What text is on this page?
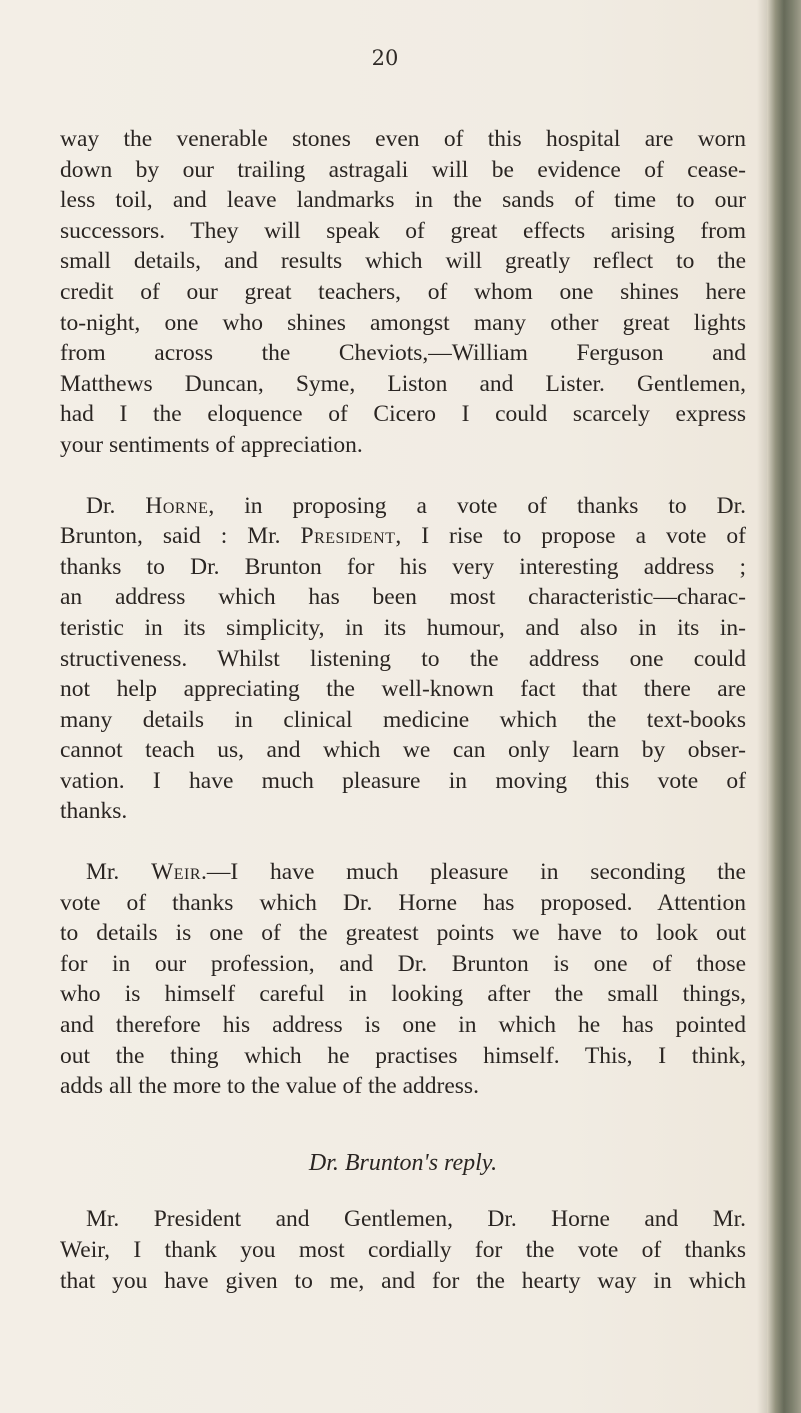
20
way the venerable stones even of this hospital are worn
down by our trailing astragali will be evidence of cease-
less toil, and leave landmarks in the sands of time to our
successors. They will speak of great effects arising from
small details, and results which will greatly reflect to the
credit of our great teachers, of whom one shines here
to-night, one who shines amongst many other great lights
from across the Cheviots,—William Ferguson and
Matthews Duncan, Syme, Liston and Lister. Gentlemen,
had I the eloquence of Cicero I could scarcely express
your sentiments of appreciation.
Dr. Horne, in proposing a vote of thanks to Dr.
Brunton, said : Mr. President, I rise to propose a vote of
thanks to Dr. Brunton for his very interesting address ;
an address which has been most characteristic—charac-
teristic in its simplicity, in its humour, and also in its in-
structiveness. Whilst listening to the address one could
not help appreciating the well-known fact that there are
many details in clinical medicine which the text-books
cannot teach us, and which we can only learn by obser-
vation. I have much pleasure in moving this vote of
thanks.
Mr. Weir.—I have much pleasure in seconding the
vote of thanks which Dr. Horne has proposed. Attention
to details is one of the greatest points we have to look out
for in our profession, and Dr. Brunton is one of those
who is himself careful in looking after the small things,
and therefore his address is one in which he has pointed
out the thing which he practises himself. This, I think,
adds all the more to the value of the address.
Dr. Brunton's reply.
Mr. President and Gentlemen, Dr. Horne and Mr.
Weir, I thank you most cordially for the vote of thanks
that you have given to me, and for the hearty way in which
